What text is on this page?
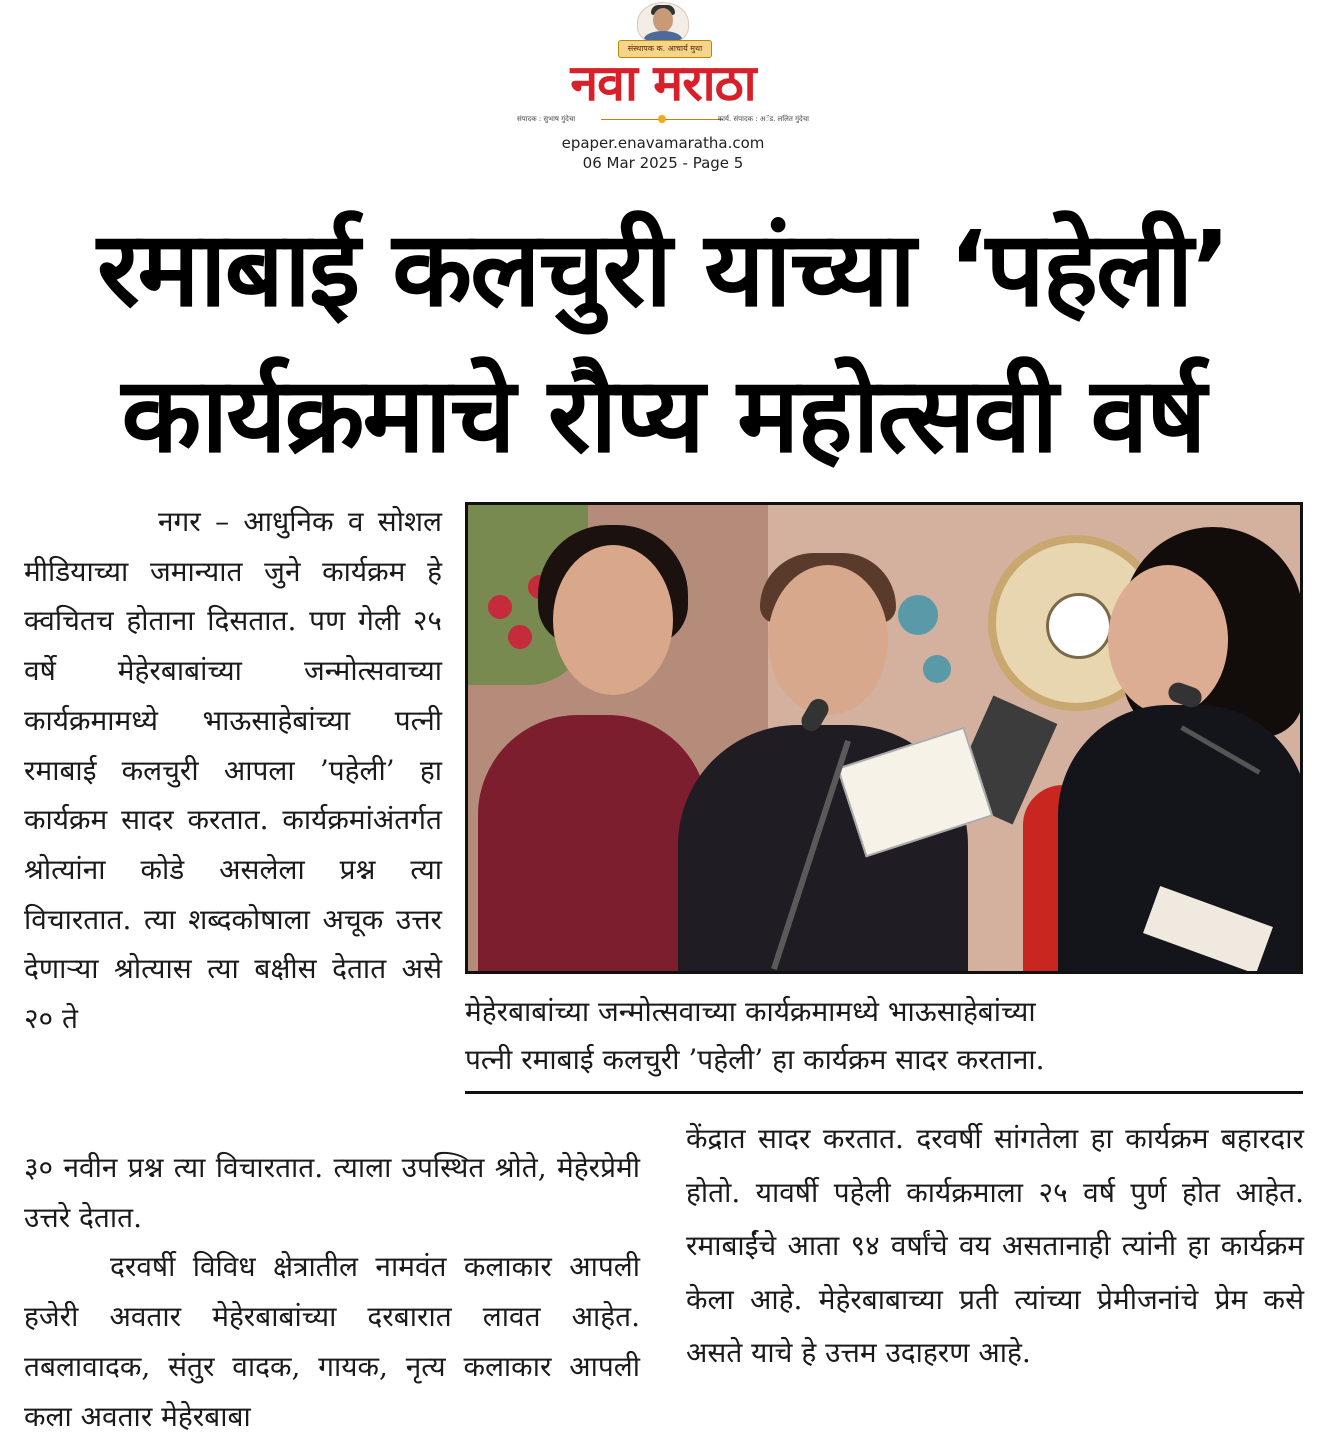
संस्थापक क. आचार्य मुथा
नवा मराठा
संपादक : सुभाष गुंदेचा	कार्य. संपादक : अॅड. ललित गुंदेचा
epaper.enavamaratha.com
06 Mar 2025 - Page 5
रमाबाई कलचुरी यांच्या ‘पहेली’
कार्यक्रमाचे रौप्य महोत्सवी वर्ष

नगर – आधुनिक व सोशल मीडियाच्या जमान्यात जुने कार्यक्रम हे क्वचितच होताना दिसतात. पण गेली २५ वर्षे मेहेरबाबांच्या जन्मोत्सवाच्या कार्यक्रमामध्ये भाऊसाहेबांच्या पत्नी रमाबाई कलचुरी आपला ’पहेली’ हा कार्यक्रम सादर करतात. कार्यक्रमांअंतर्गत श्रोत्यांना कोडे असलेला प्रश्न त्या विचारतात. त्या शब्दकोषाला अचूक उत्तर देणाऱ्या श्रोत्यास त्या बक्षीस देतात असे २० ते	मेहेरबाबांच्या जन्मोत्सवाच्या कार्यक्रमामध्ये भाऊसाहेबांच्या
पत्नी रमाबाई कलचुरी ’पहेली’ हा कार्यक्रम सादर करताना.

३० नवीन प्रश्न त्या विचारतात. त्याला उपस्थित श्रोते, मेहेरप्रेमी उत्तरे देतात.

दरवर्षी विविध क्षेत्रातील नामवंत कलाकार आपली हजेरी अवतार मेहेरबाबांच्या दरबारात लावत आहेत. तबलावादक, संतुर वादक, गायक, नृत्य कलाकार आपली कला अवतार मेहेरबाबा

केंद्रात सादर करतात. दरवर्षी सांगतेला हा कार्यक्रम बहारदार होतो. यावर्षी पहेली कार्यक्रमाला २५ वर्ष पुर्ण होत आहेत. रमाबाईंचे आता ९४ वर्षांचे वय असतानाही त्यांनी हा कार्यक्रम केला आहे. मेहेरबाबाच्या प्रती त्यांच्या प्रेमीजनांचे प्रेम कसे असते याचे हे उत्तम उदाहरण आहे.
